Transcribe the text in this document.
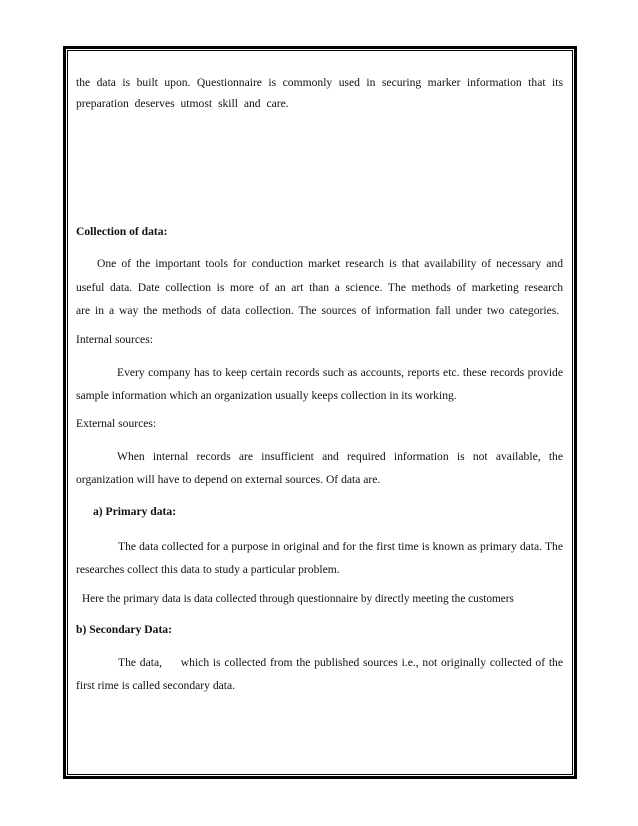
the data is built upon. Questionnaire is commonly used in securing marker information that its preparation deserves utmost skill and care.

Collection of data:

One of the important tools for conduction market research is that availability of necessary and useful data. Date collection is more of an art than a science. The methods of marketing research are in a way the methods of data collection. The sources of information fall under two categories.

Internal sources:

Every company has to keep certain records such as accounts, reports etc. these records provide sample information which an organization usually keeps collection in its working.

External sources:

When internal records are insufficient and required information is not available, the organization will have to depend on external sources. Of data are.

a) Primary data:

The data collected for a purpose in original and for the first time is known as primary data. The researches collect this data to study a particular problem.

Here the primary data is data collected through questionnaire by directly meeting the customers

b) Secondary Data:

The data,     which is collected from the published sources i.e., not originally collected of the first rime is called secondary data.
